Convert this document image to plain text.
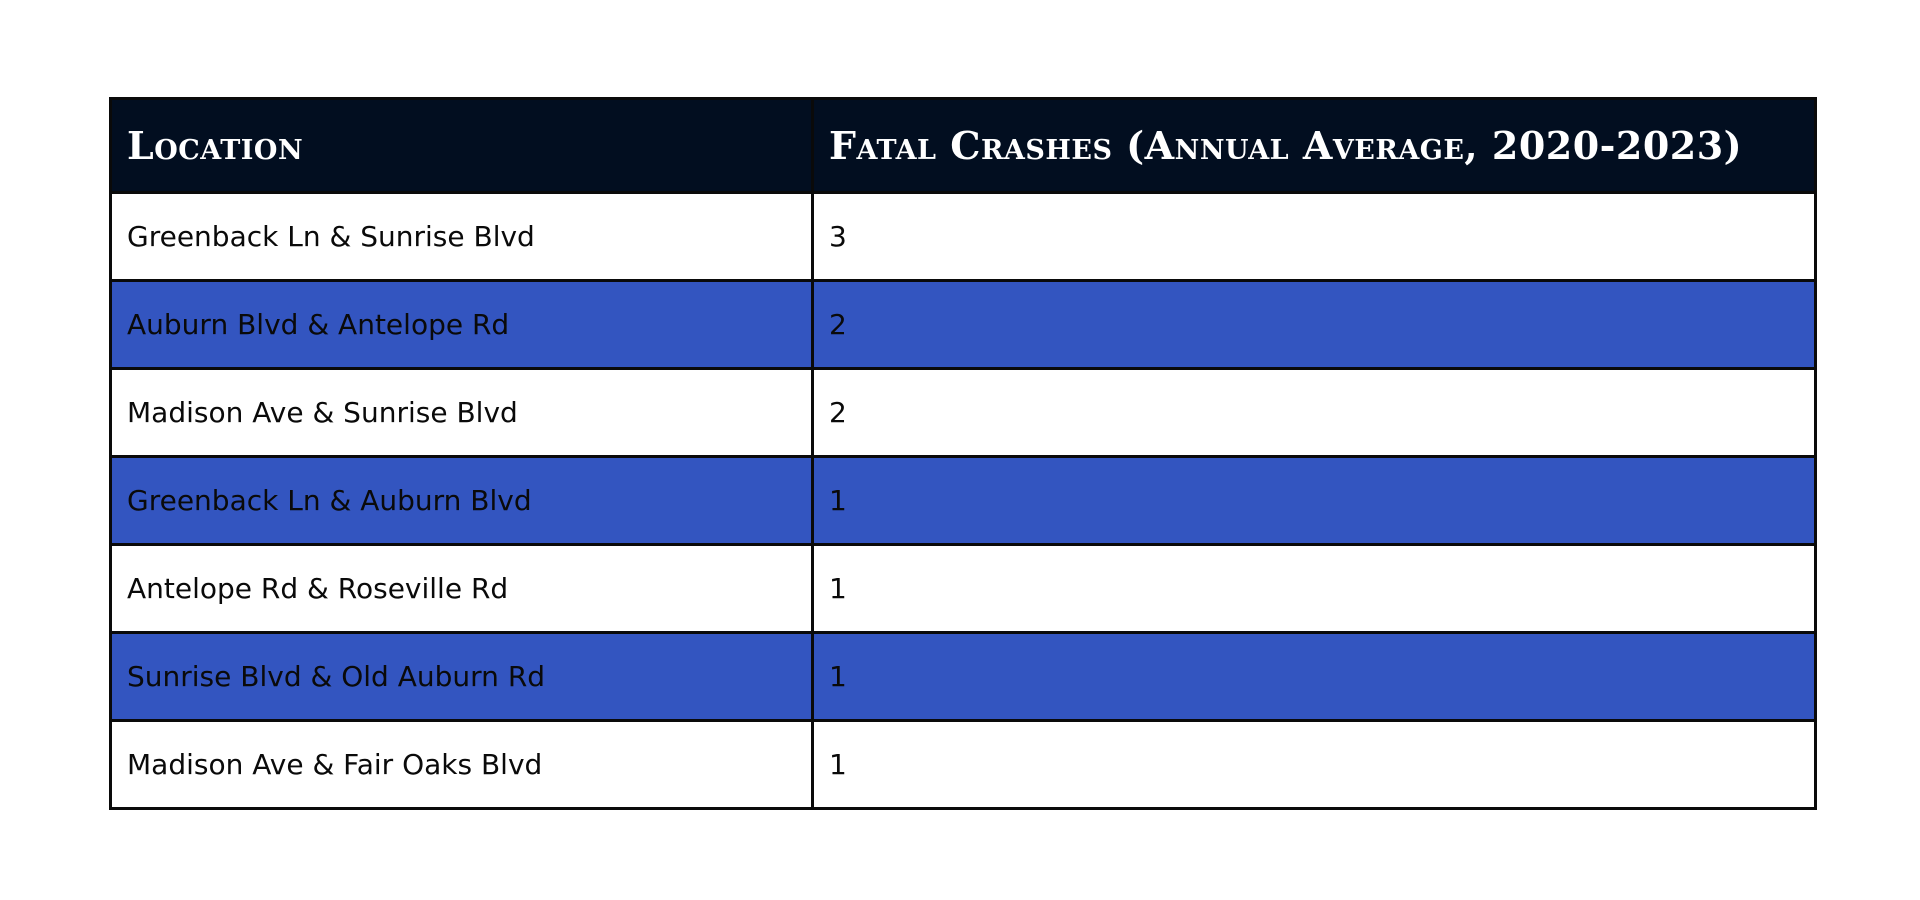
Location	Fatal Crashes (Annual Average, 2020-2023)
Greenback Ln & Sunrise Blvd	3
Auburn Blvd & Antelope Rd	2
Madison Ave & Sunrise Blvd	2
Greenback Ln & Auburn Blvd	1
Antelope Rd & Roseville Rd	1
Sunrise Blvd & Old Auburn Rd	1
Madison Ave & Fair Oaks Blvd	1
